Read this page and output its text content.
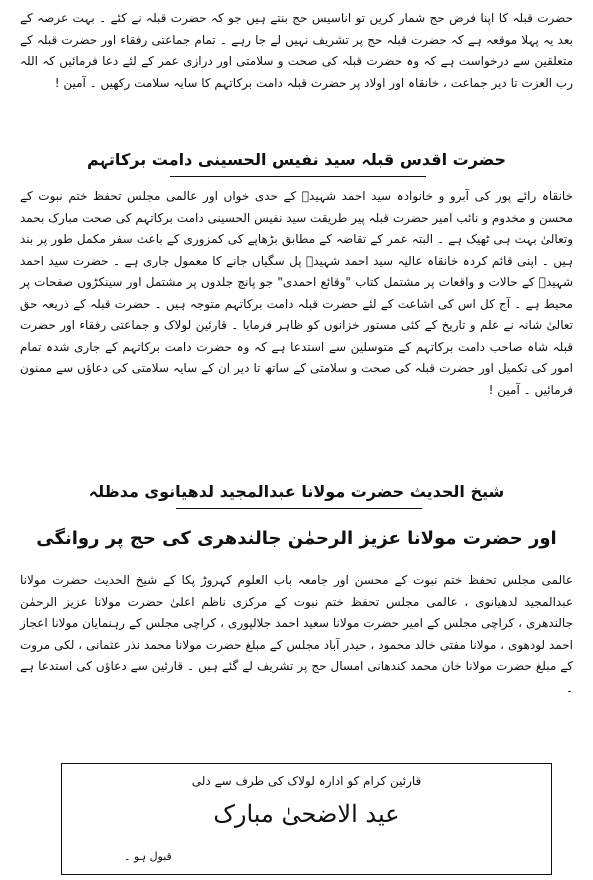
حضرت قبلہ کا اپنا فرض حج شمار کریں تو اناسیس حج بنتے ہیں جو کہ حضرت قبلہ نے کئے ۔ بہت عرصہ کے بعد یہ پہلا موقعہ ہے کہ حضرت قبلہ حج پر تشریف نہیں لے جا رہے ۔ تمام جماعتی رفقاء اور حضرت قبلہ کے متعلقین سے درخواست ہے کہ وہ حضرت قبلہ کی صحت و سلامتی اور درازی عمر کے لئے دعا فرمائیں کہ اللہ رب العزت تا دیر جماعت ، خانقاہ اور اولاد پر حضرت قبلہ دامت برکاتہم کا سایہ سلامت رکھیں ۔ آمین !

حضرت اقدس قبلہ سید نفیس الحسینی دامت برکاتہم

خانقاہ رائے پور کی آبرو و خانوادہ سید احمد شہیدؒ کے حدی خواں اور عالمی مجلس تحفظ ختم نبوت کے محسن و مخدوم و نائب امیر حضرت قبلہ پیر طریقت سید نفیس الحسینی دامت برکاتہم کی صحت مبارک بحمد وتعالیٰ بہت ہی ٹھیک ہے ۔ البتہ عمر کے تقاضہ کے مطابق بڑھاپے کی کمزوری کے باعث سفر مکمل طور پر بند ہیں ۔ اپنی قائم کردہ خانقاہ عالیہ سید احمد شہیدؒ پل سگیاں جانے کا معمول جاری ہے ۔ حضرت سید احمد شہیدؒ کے حالات و واقعات پر مشتمل کتاب "وقائع احمدی" جو پانچ جلدوں پر مشتمل اور سینکڑوں صفحات پر محیط ہے ۔ آج کل اس کی اشاعت کے لئے حضرت قبلہ دامت برکاتہم متوجہ ہیں ۔ حضرت قبلہ کے ذریعہ حق تعالیٰ شانہ نے علم و تاریخ کے کئی مستور خزانوں کو ظاہر فرمایا ۔ قارئین لولاک و جماعتی رفقاء اور حضرت قبلہ شاہ صاحب دامت برکاتہم کے متوسلین سے استدعا ہے کہ وہ حضرت دامت برکاتہم کے جاری شدہ تمام امور کی تکمیل اور حضرت قبلہ کی صحت و سلامتی کے ساتھ تا دیر ان کے سایہ سلامتی کی دعاؤں سے ممنون فرمائیں ۔ آمین !

شیخ الحدیث حضرت مولانا عبدالمجید لدھیانوی مدظلہ
اور حضرت مولانا عزیز الرحمٰن جالندھری کی حج پر روانگی

عالمی مجلس تحفظ ختم نبوت کے محسن اور جامعہ باب العلوم کہروڑ پکا کے شیخ الحدیث حضرت مولانا عبدالمجید لدھیانوی ، عالمی مجلس تحفظ ختم نبوت کے مرکزی ناظم اعلیٰ حضرت مولانا عزیز الرحمٰن جالندھری ، کراچی مجلس کے امیر حضرت مولانا سعید احمد جلالپوری ، کراچی مجلس کے رہنمایان مولانا اعجاز احمد لودھوی ، مولانا مفتی خالد محمود ، حیدر آباد مجلس کے مبلغ حضرت مولانا محمد نذر عثمانی ، لکی مروت کے مبلغ حضرت مولانا خان محمد کندھانی امسال حج پر تشریف لے گئے ہیں ۔ قارئین سے دعاؤں کی استدعا ہے ۔

قارئین کرام کو ادارہ لولاک کی طرف سے دلی

عید الاضحیٰ مبارک

قبول ہو ۔
